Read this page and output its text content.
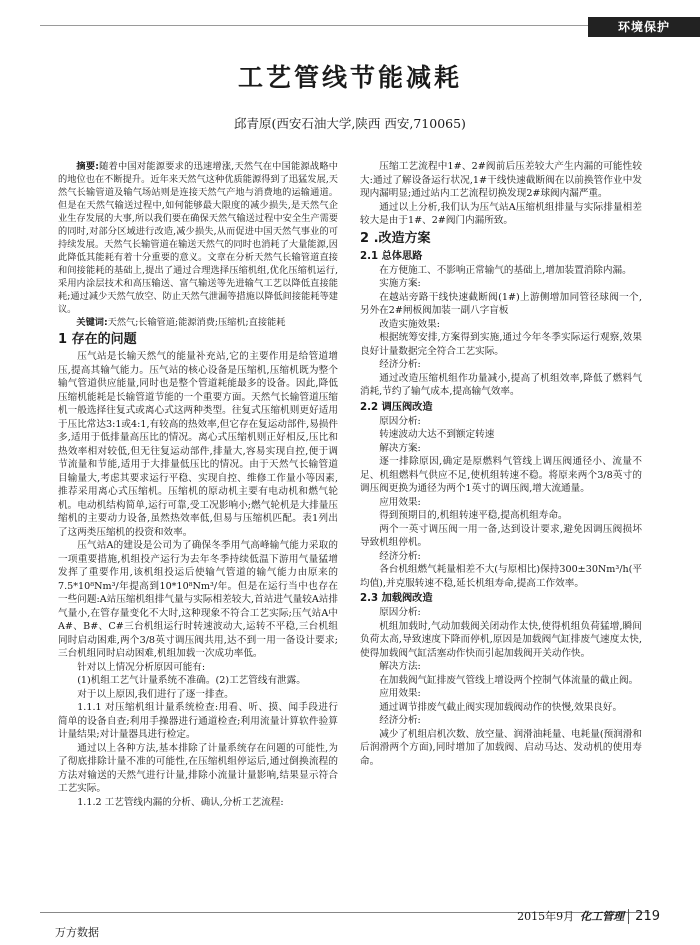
环境保护
工艺管线节能减耗
邱青原(西安石油大学,陕西 西安,710065)

摘要:随着中国对能源要求的迅速增涨,天然气在中国能源战略中的地位也在不断提升。近年来天然气这种优质能源得到了迅猛发展,天然气长输管道及输气场站则是连接天然气产地与消费地的运输通道。但是在天然气输送过程中,如何能够最大限度的减少损失,是天然气企业生存发展的大事,所以我们要在确保天然气输送过程中安全生产需要的同时,对部分区域进行改造,减少损失,从而促进中国天然气事业的可持续发展。天然气长输管道在输送天然气的同时也消耗了大量能源,因此降低其能耗有着十分重要的意义。文章在分析天然气长输管道直接和间接能耗的基础上,提出了通过合理选择压缩机组,优化压缩机运行,采用内涂层技术和高压输送、富气输送等先进输气工艺以降低直接能耗;通过减少天然气放空、防止天然气泄漏等措施以降低间接能耗等建议。

关键词:天然气;长输管道;能源消费;压缩机;直接能耗

1 存在的问题

压气站是长输天然气的能量补充站,它的主要作用是给管道增压,提高其输气能力。压气站的核心设备是压缩机,压缩机既为整个输气管道供应能量,同时也是整个管道耗能最多的设备。因此,降低压缩机能耗是长输管道节能的一个重要方面。天然气长输管道压缩机一般选择往复式或离心式这两种类型。往复式压缩机则更好适用于压比常达3:1或4:1,有较高的热效率,但它存在复运动部件,易损件多,适用于低排量高压比的情况。离心式压缩机则正好相反,压比和热效率相对较低,但无往复运动部件,排量大,容易实现自控,便于调节流量和节能,适用于大排量低压比的情况。由于天然气长输管道目输量大,考虑其要求运行平稳、实现自控、维修工作量小等因素,推荐采用离心式压缩机。压缩机的原动机主要有电动机和燃气轮机。电动机结构简单,运行可靠,受工况影响小;燃气轮机是大排量压缩机的主要动力设备,虽然热效率低,但易与压缩机匹配。表1列出了这两类压缩机的投资和效率。

压气站A的建设是公司为了确保冬季用气高峰输气能力采取的一项重要措施,机组投产运行为去年冬季持续低温下游用气量猛增发挥了重要作用,该机组投运后使输气管道的输气能力由原来的7.5*10⁸Nm³/年提高到10*10⁸Nm³/年。但是在运行当中也存在一些问题:A站压缩机组排气量与实际相差较大,首站进气量较A站排气量小,在管存量变化不大时,这种现象不符合工艺实际;压气站A中A#、B#、C#三台机组运行时转速波动大,运转不平稳,三台机组同时启动困难,两个3/8英寸调压阀共用,达不到一用一备设计要求;三台机组同时启动困难,机组加载一次成功率低。

针对以上情况分析原因可能有:

(1)机组工艺气计量系统不准确。(2)工艺管线有泄露。

对于以上原因,我们进行了逐一排查。

1.1.1 对压缩机组计量系统检查:用看、听、摸、闻手段进行简单的设备自查;利用手操器进行通道检查;利用流量计算软件验算计量结果;对计量器具进行检定。

通过以上各种方法,基本排除了计量系统存在问题的可能性,为了彻底排除计量不准的可能性,在压缩机组停运后,通过倒换流程的方法对输送的天然气进行计量,排除小流量计量影响,结果显示符合工艺实际。

1.1.2 工艺管线内漏的分析、确认,分析工艺流程:

压缩工艺流程中1#、2#阀前后压差较大产生内漏的可能性较大:通过了解设备运行状况,1#干线快速截断阀在以前换管作业中发现内漏明显;通过站内工艺流程切换发现2#球阀内漏严重。

通过以上分析,我们认为压气站A压缩机组排量与实际排量相差较大是由于1#、2#阀门内漏所致。

2 .改造方案
2.1 总体思路

在方便施工、不影响正常输气的基础上,增加装置消除内漏。

实施方案:

在越站旁路干线快速截断阀(1#)上游侧增加同管径球阀一个,另外在2#闸板阀加装一副八字盲板

改造实施效果:

根据统筹安排,方案得到实施,通过今年冬季实际运行观察,效果良好计量数据完全符合工艺实际。

经济分析:

通过改造压缩机组作功量减小,提高了机组效率,降低了燃料气消耗,节约了输气成本,提高输气效率。

2.2 调压阀改造

原因分析:

转速波动大达不到额定转速

解决方案:

逐一排除原因,确定是原燃料气管线上调压阀通径小、流量不足、机组燃料气供应不足,使机组转速不稳。将原来两个3/8英寸的调压阀更换为通径为两个1英寸的调压阀,增大流通量。

应用效果:

得到预期目的,机组转速平稳,提高机组寿命。

两个一英寸调压阀一用一备,达到设计要求,避免因调压阀损坏导致机组停机。

经济分析:

各台机组燃气耗量相差不大(与原相比)保持300±30Nm³/h(平均值),并克服转速不稳,延长机组寿命,提高工作效率。

2.3 加载阀改造

原因分析:

机组加载时,气动加载阀关闭动作太快,使得机组负荷猛增,瞬间负荷太高,导致速度下降而停机,原因是加载阀气缸排废气速度太快,使得加载阀气缸活塞动作快而引起加载阀开关动作快。

解决方法:

在加载阀气缸排废气管线上增设两个控制气体流量的截止阀。

应用效果:

通过调节排废气截止阀实现加载阀动作的快慢,效果良好。

经济分析:

减少了机组启机次数、放空量、润滑油耗量、电耗量(预润滑和后润滑两个方面),同时增加了加载阀、启动马达、发动机的使用寿命。

万方数据
2015年9月 化工管理 219
